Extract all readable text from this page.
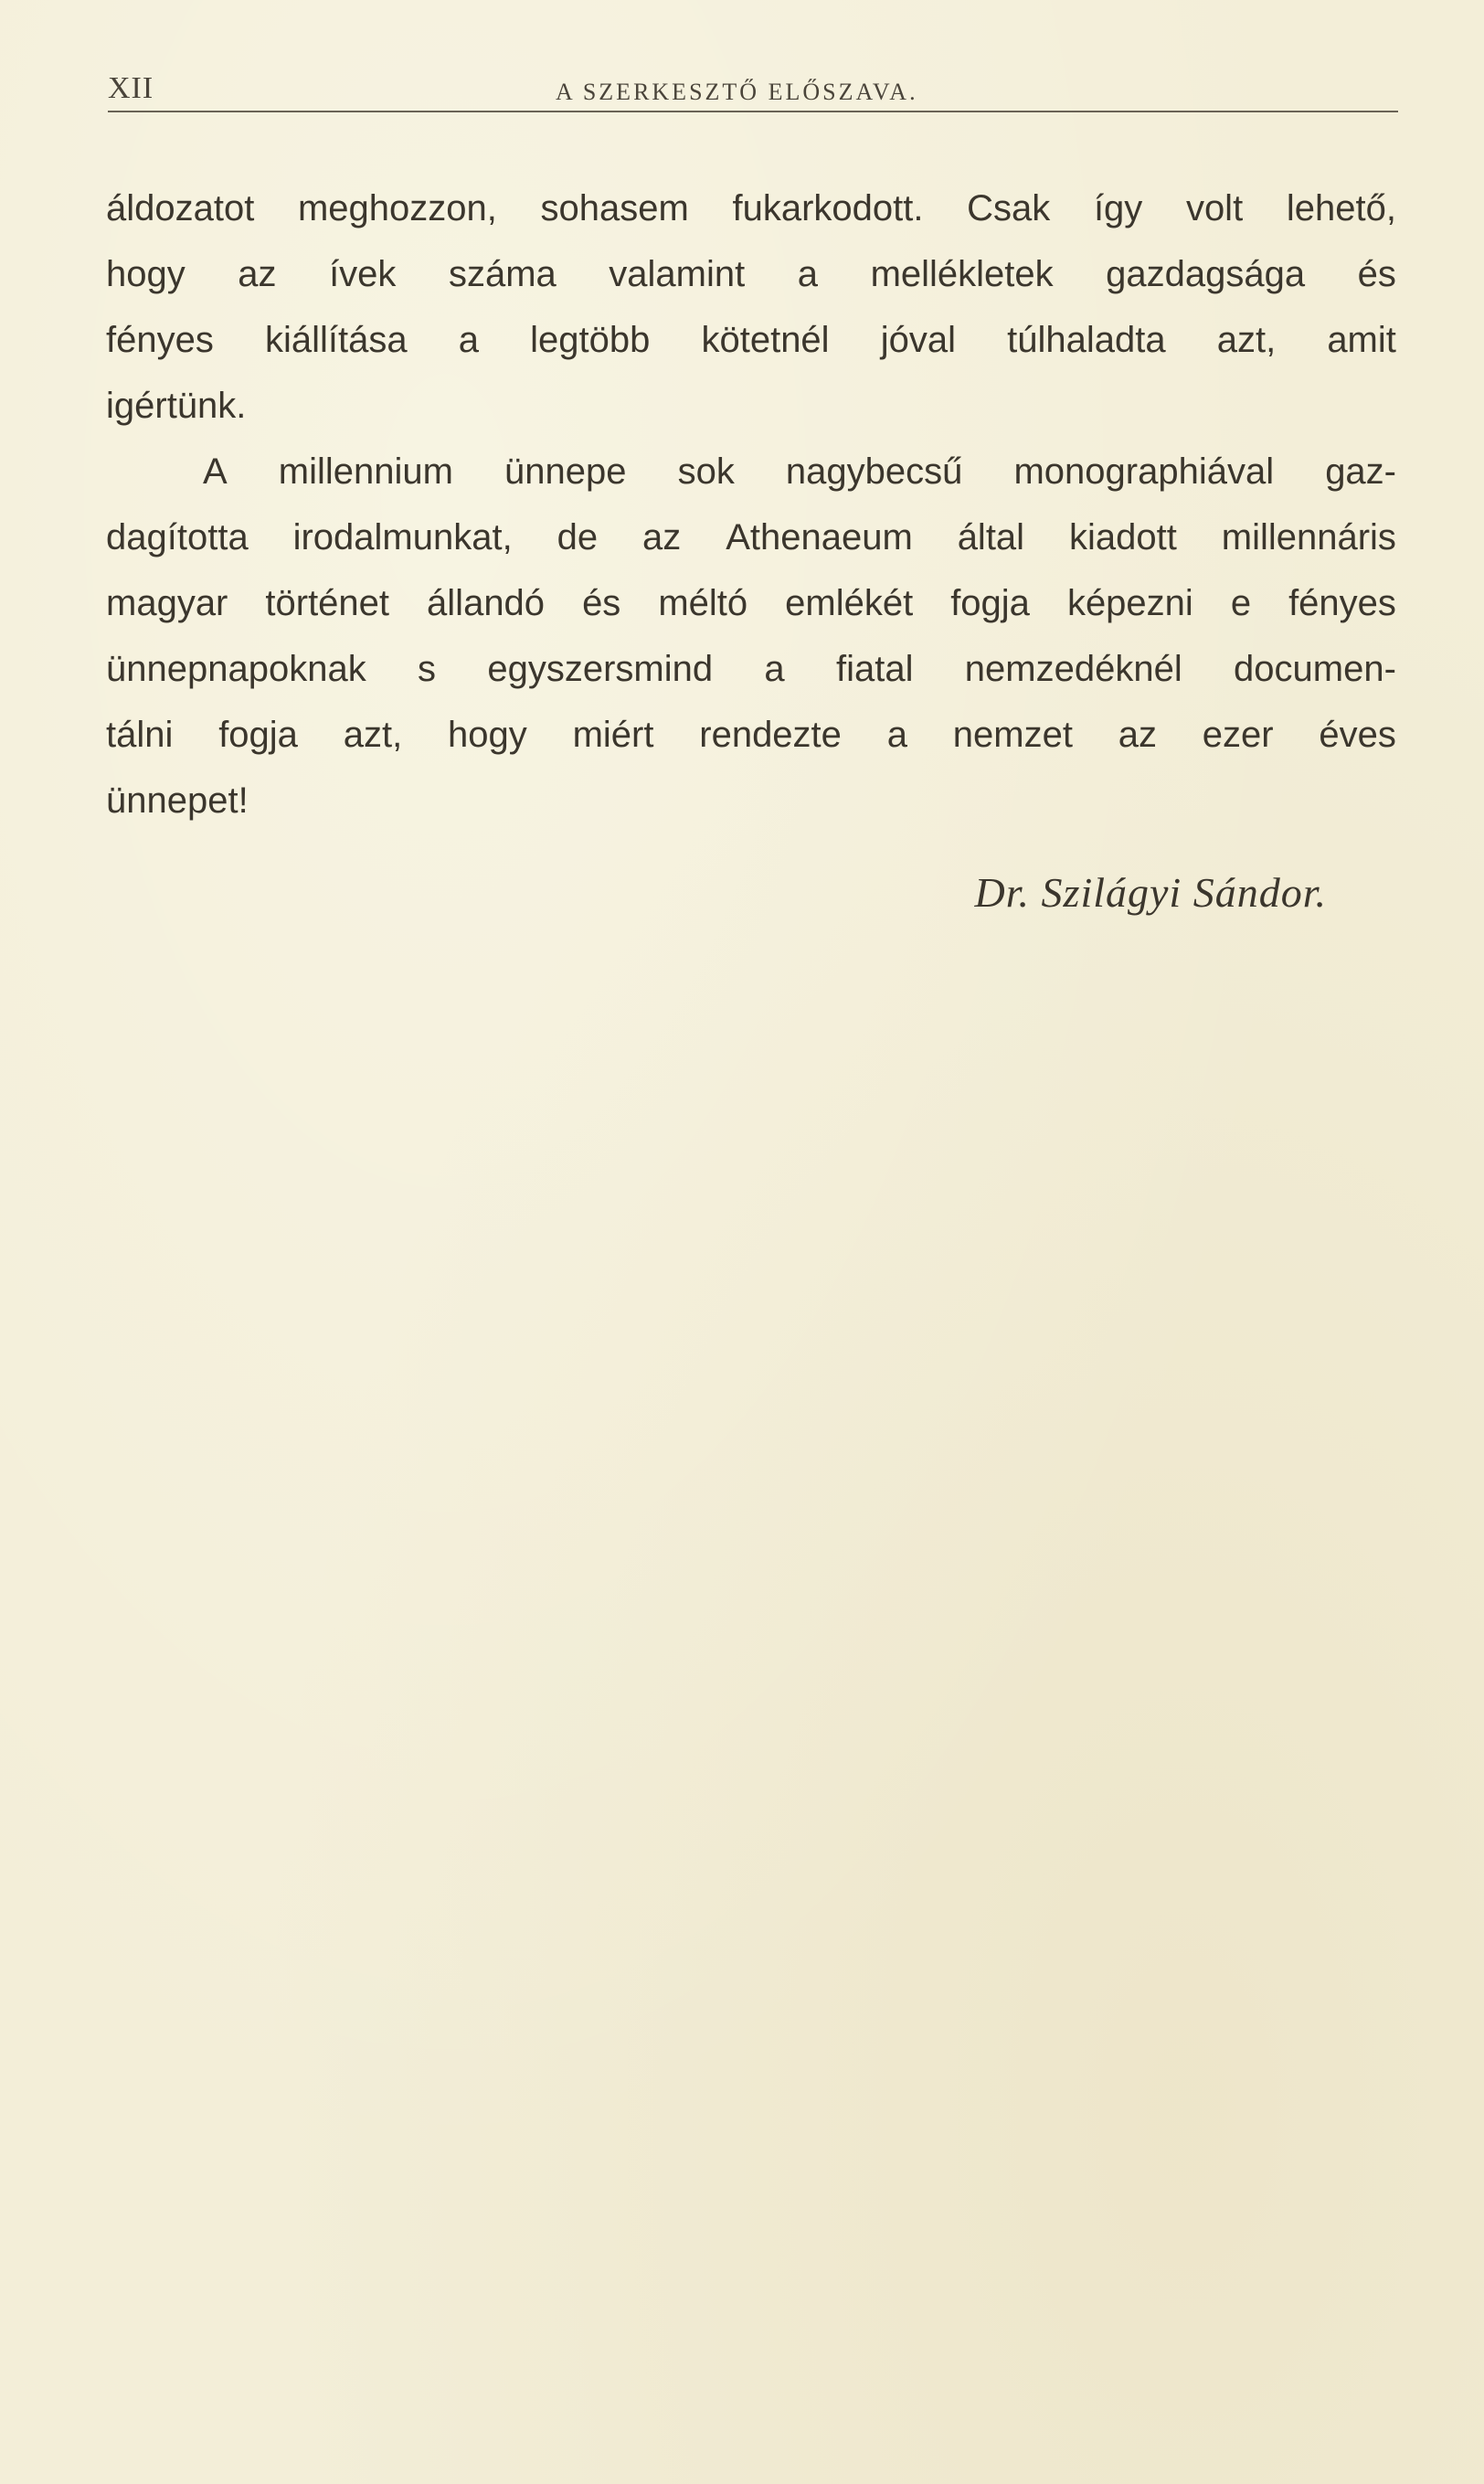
XII	A SZERKESZTŐ ELŐSZAVA.
áldozatot meghozzon, sohasem fukarkodott. Csak így volt lehető,
hogy az ívek száma valamint a mellékletek gazdagsága és
fényes kiállítása a legtöbb kötetnél jóval túlhaladta azt, amit
igértünk.
A millennium ünnepe sok nagybecsű monographiával gaz-
dagította irodalmunkat, de az Athenaeum által kiadott millennáris
magyar történet állandó és méltó emlékét fogja képezni e fényes
ünnepnapoknak s egyszersmind a fiatal nemzedéknél documen-
tálni fogja azt, hogy miért rendezte a nemzet az ezer éves
ünnepet!
Dr. Szilágyi Sándor.
